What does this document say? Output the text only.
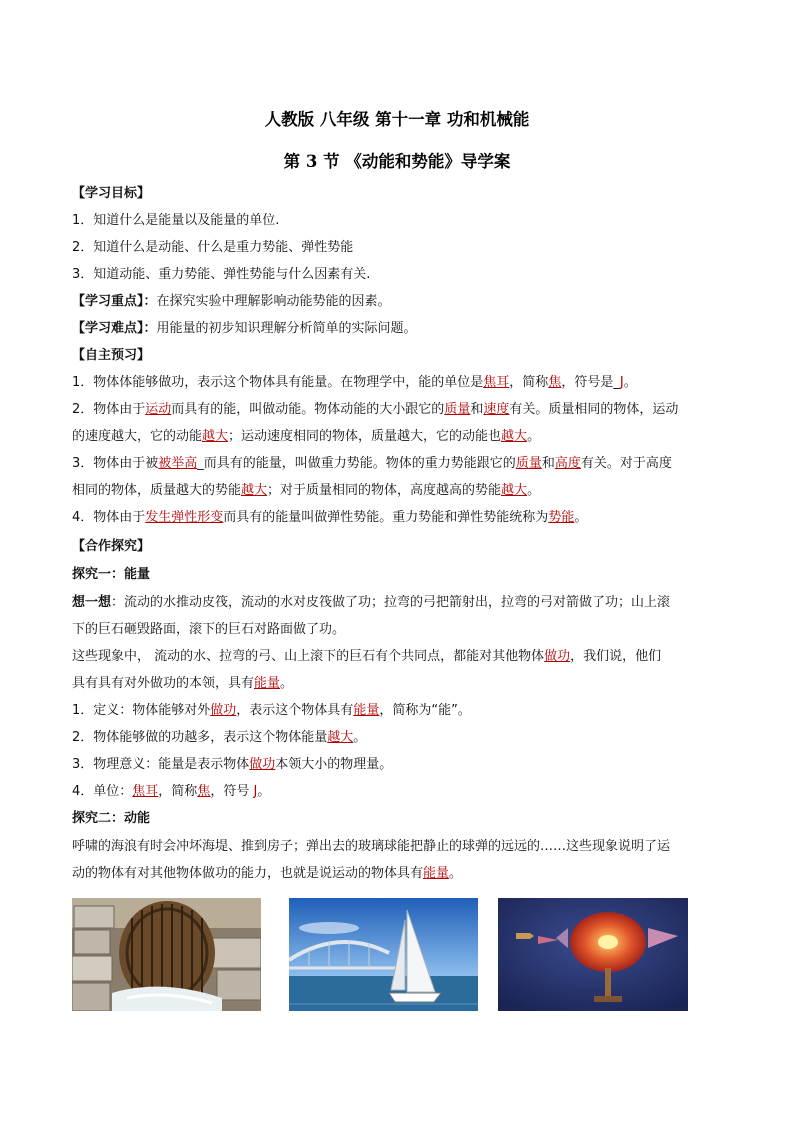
人教版 八年级 第十一章 功和机械能
第 3 节 《动能和势能》导学案
【学习目标】
1．知道什么是能量以及能量的单位.
2．知道什么是动能、什么是重力势能、弹性势能
3．知道动能、重力势能、弹性势能与什么因素有关.
【学习重点】：在探究实验中理解影响动能势能的因素。
【学习难点】：用能量的初步知识理解分析简单的实际问题。
【自主预习】
1．物体体能够做功，表示这个物体具有能量。在物理学中，能的单位是焦耳，简称焦，符号是_J。
2．物体由于运动而具有的能，叫做动能。物体动能的大小跟它的质量和速度有关。质量相同的物体，运动
的速度越大，它的动能越大；运动速度相同的物体，质量越大，它的动能也越大。
3．物体由于被被举高_而具有的能量，叫做重力势能。物体的重力势能跟它的质量和高度有关。对于高度
相同的物体，质量越大的势能越大；对于质量相同的物体，高度越高的势能越大。
4．物体由于发生弹性形变而具有的能量叫做弹性势能。重力势能和弹性势能统称为势能。
【合作探究】
探究一：能量
想一想：流动的水推动皮筏，流动的水对皮筏做了功；拉弯的弓把箭射出，拉弯的弓对箭做了功；山上滚
下的巨石砸毁路面，滚下的巨石对路面做了功。
这些现象中， 流动的水、拉弯的弓、山上滚下的巨石有个共同点，都能对其他物体做功，我们说，他们
具有具有对外做功的本领，具有能量。
1．定义：物体能够对外做功，表示这个物体具有能量，简称为“能”。
2．物体能够做的功越多，表示这个物体能量越大。
3．物理意义：能量是表示物体做功本领大小的物理量。
4．单位：焦耳，简称焦，符号 J。
探究二：动能
呼啸的海浪有时会冲坏海堤、推到房子；弹出去的玻璃球能把静止的球弹的远远的……这些现象说明了运
动的物体有对其他物体做功的能力，也就是说运动的物体具有能量。
